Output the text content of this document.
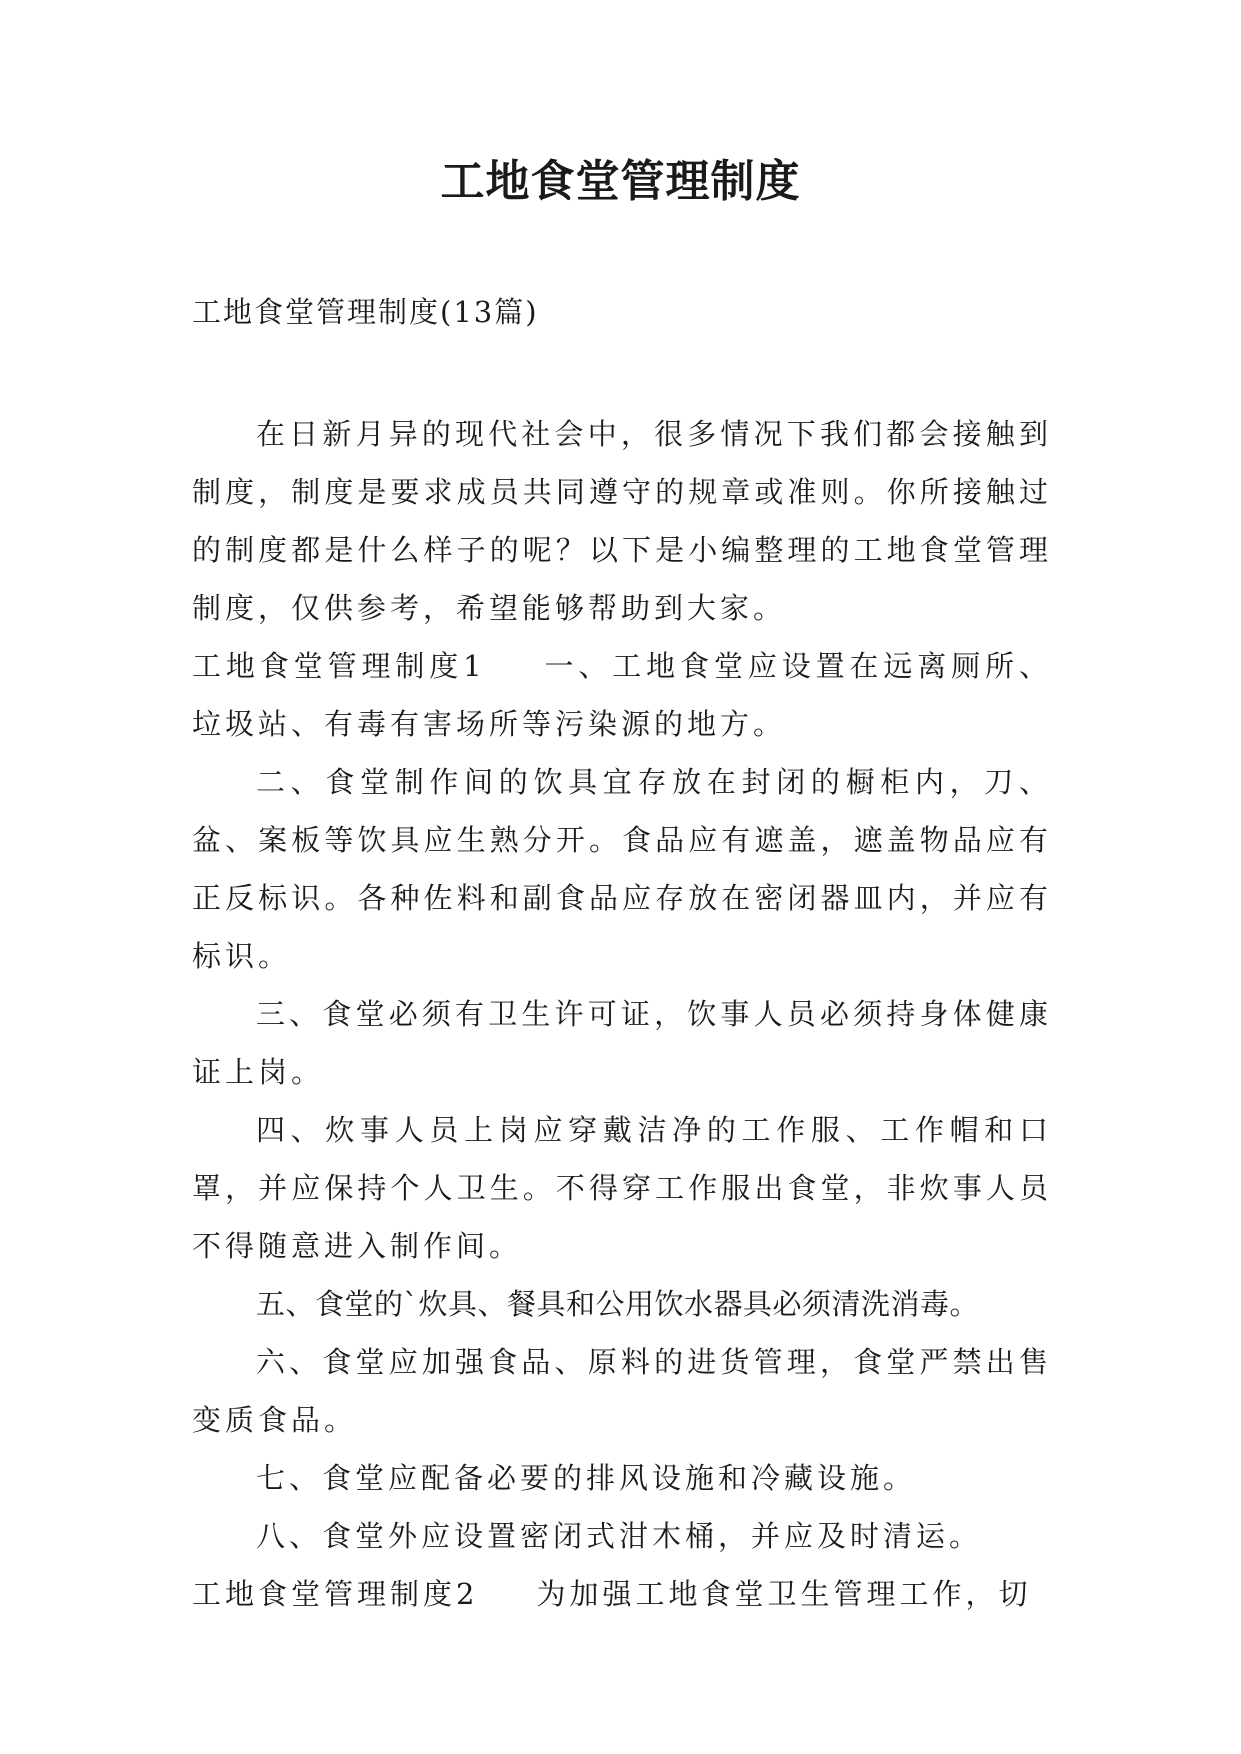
工地食堂管理制度
工地食堂管理制度(13篇)

在日新月异的现代社会中，很多情况下我们都会接触到制度，制度是要求成员共同遵守的规章或准则。你所接触过的制度都是什么样子的呢？以下是小编整理的工地食堂管理制度，仅供参考，希望能够帮助到大家。

工地食堂管理制度1 一、工地食堂应设置在远离厕所、垃圾站、有毒有害场所等污染源的地方。

二、食堂制作间的饮具宜存放在封闭的橱柜内，刀、盆、案板等饮具应生熟分开。食品应有遮盖，遮盖物品应有正反标识。各种佐料和副食品应存放在密闭器皿内，并应有标识。

三、食堂必须有卫生许可证，饮事人员必须持身体健康证上岗。

四、炊事人员上岗应穿戴洁净的工作服、工作帽和口罩，并应保持个人卫生。不得穿工作服出食堂，非炊事人员不得随意进入制作间。

五、食堂的`炊具、餐具和公用饮水器具必须清洗消毒。

六、食堂应加强食品、原料的进货管理，食堂严禁出售变质食品。

七、食堂应配备必要的排风设施和冷藏设施。

八、食堂外应设置密闭式泔木桶，并应及时清运。

工地食堂管理制度2 为加强工地食堂卫生管理工作，切
